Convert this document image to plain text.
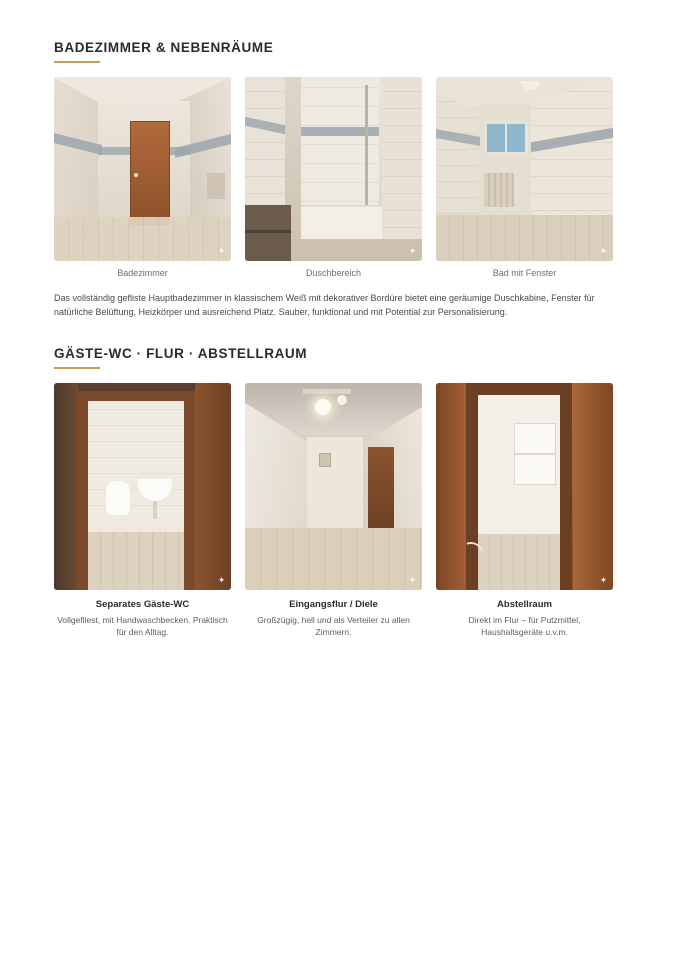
BADEZIMMER & NEBENRÄUME
✦
Badezimmer
✦
Duschbereich
✦
Bad mit Fenster

Das vollständig gefliste Hauptbadezimmer in klassischem Weiß mit dekorativer Bordüre bietet eine geräumige Duschkabine, Fenster für natürliche Belüftung, Heizkörper und ausreichend Platz. Sauber, funktional und mit Potential zur Personalisierung.

GÄSTE-WC · FLUR · ABSTELLRAUM
✦
Separates Gäste-WC
Vollgefliest, mit Handwaschbecken. Praktisch für den Alltag.
✦
Eingangsflur / Diele
Großzügig, hell und als Verteiler zu allen Zimmern.
✦
Abstellraum
Direkt im Flur – für Putzmittel, Haushaltsgeräte u.v.m.
